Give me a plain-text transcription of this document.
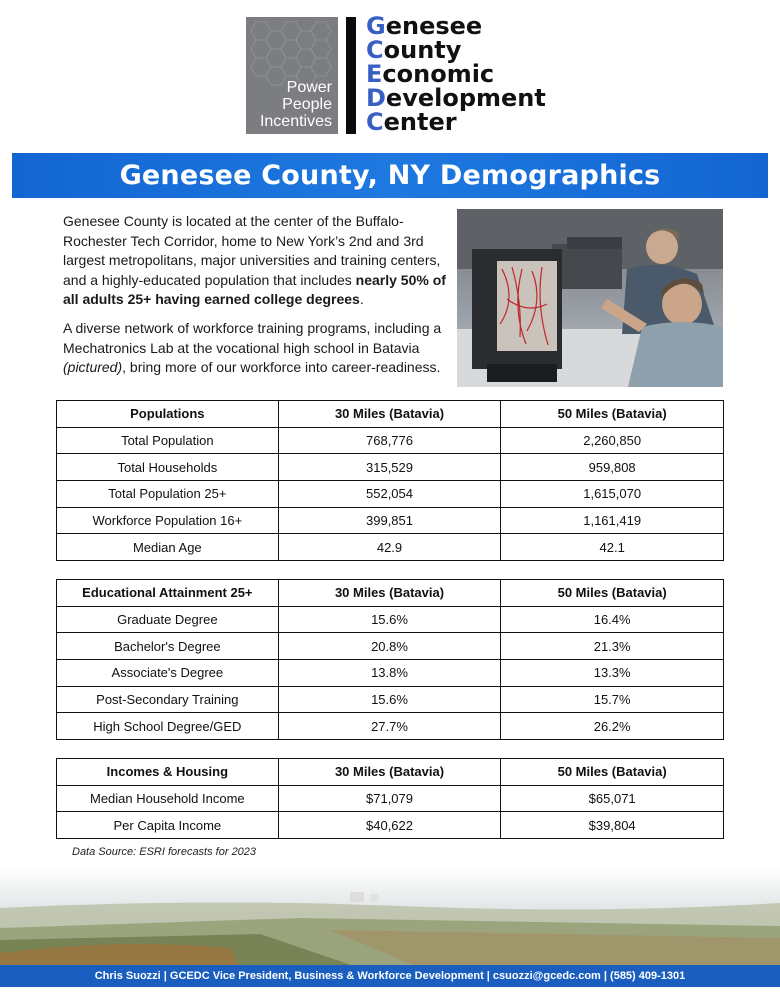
Power
People
Incentives
Genesee
County
Economic
Development
Center
Genesee County, NY Demographics

Genesee County is located at the center of the Buffalo-Rochester Tech Corridor, home to New York’s 2nd and 3rd largest metropolitans, major universities and training centers, and a highly-educated population that includes nearly 50% of all adults 25+ having earned college degrees.

A diverse network of workforce training programs, including a Mechatronics Lab at the vocational high school in Batavia (pictured), bring more of our workforce into career-readiness.

Populations	30 Miles (Batavia)	50 Miles (Batavia)
Total Population	768,776	2,260,850
Total Households	315,529	959,808
Total Population 25+	552,054	1,615,070
Workforce Population 16+	399,851	1,161,419
Median Age	42.9	42.1
Educational Attainment 25+	30 Miles (Batavia)	50 Miles (Batavia)
Graduate Degree	15.6%	16.4%
Bachelor's Degree	20.8%	21.3%
Associate's Degree	13.8%	13.3%
Post-Secondary Training	15.6%	15.7%
High School Degree/GED	27.7%	26.2%
Incomes & Housing	30 Miles (Batavia)	50 Miles (Batavia)
Median Household Income	$71,079	$65,071
Per Capita Income	$40,622	$39,804
Data Source: ESRI forecasts for 2023
Chris Suozzi | GCEDC Vice President, Business & Workforce Development | csuozzi@gcedc.com | (585) 409-1301
